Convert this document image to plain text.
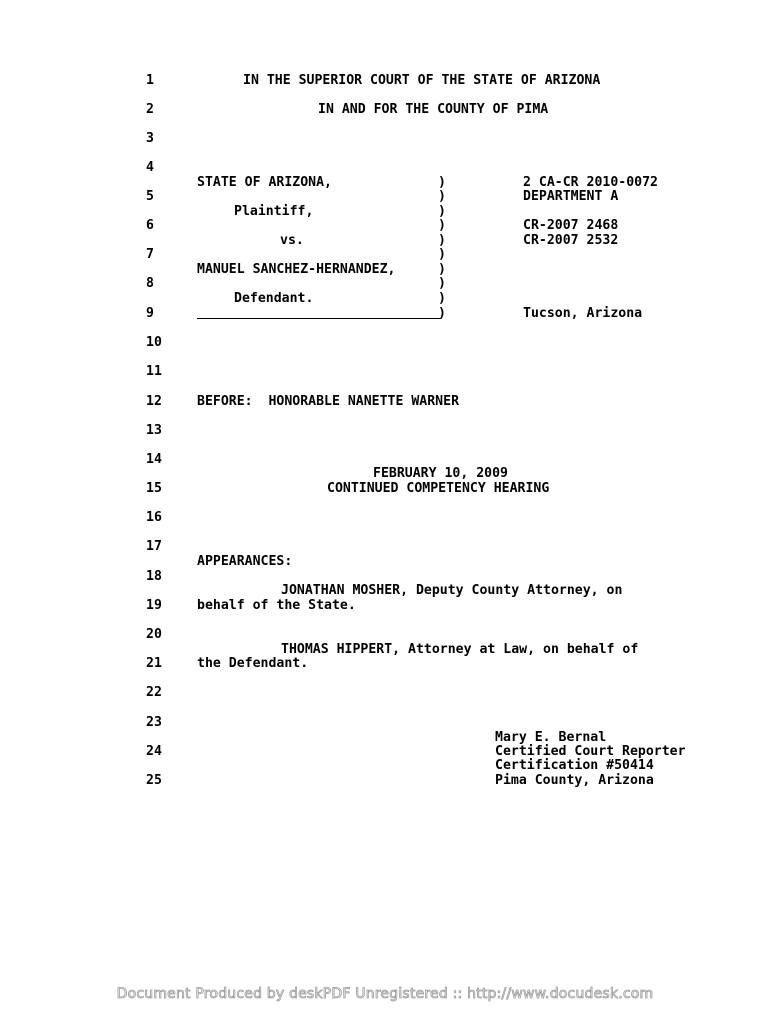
1
2
3
4
5
6
7
8
9
10
11
12
13
14
15
16
17
18
19
20
21
22
23
24
25
IN THE SUPERIOR COURT OF THE STATE OF ARIZONA
IN AND FOR THE COUNTY OF PIMA
STATE OF ARIZONA,
Plaintiff,
vs.
MANUEL SANCHEZ-HERNANDEZ,
Defendant.
)
)
)
)
)
)
)
)
)
)
2 CA-CR 2010-0072
DEPARTMENT A
CR-2007 2468
CR-2007 2532
Tucson, Arizona
BEFORE:  HONORABLE NANETTE WARNER
FEBRUARY 10, 2009
CONTINUED COMPETENCY HEARING
APPEARANCES:
JONATHAN MOSHER, Deputy County Attorney, on
behalf of the State.
THOMAS HIPPERT, Attorney at Law, on behalf of
the Defendant.
Mary E. Bernal
Certified Court Reporter
Certification #50414
Pima County, Arizona
Document Produced by deskPDF Unregistered :: http://www.docudesk.com
